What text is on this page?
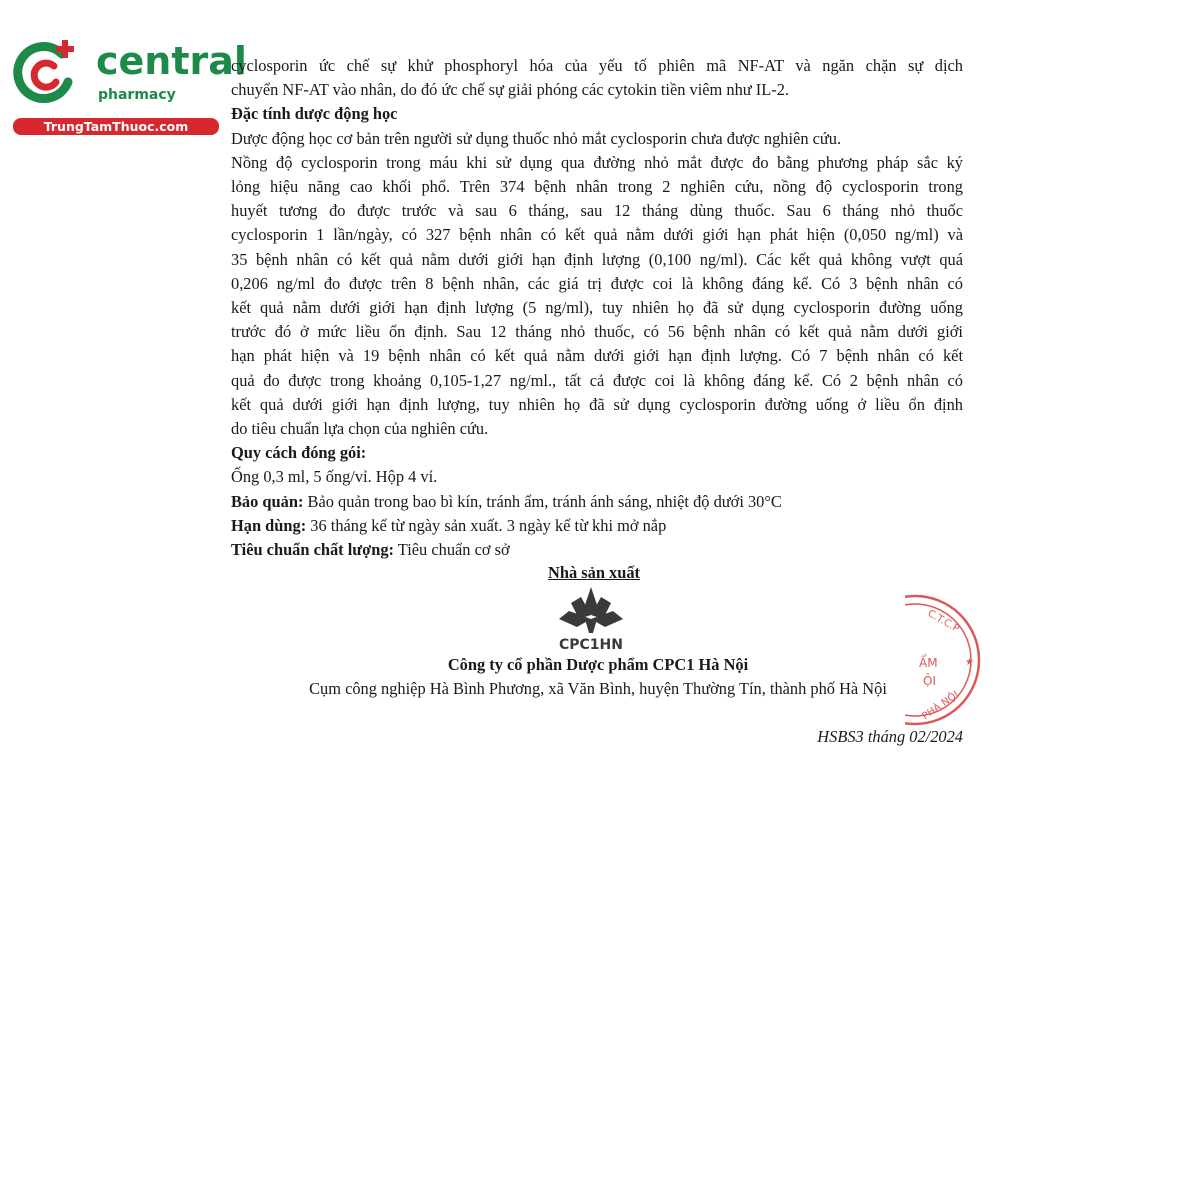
central
pharmacy
TrungTamThuoc.com

cyclosporin ức chế sự khử phosphoryl hóa của yếu tố phiên mã NF-AT và ngăn chặn sự dịch

chuyển NF-AT vào nhân, do đó ức chế sự giải phóng các cytokin tiền viêm như IL-2.

Đặc tính dược động học

Dược động học cơ bản trên người sử dụng thuốc nhỏ mắt cyclosporin chưa được nghiên cứu.

Nồng độ cyclosporin trong máu khi sử dụng qua đường nhỏ mắt được đo bằng phương pháp sắc ký

lỏng hiệu năng cao khối phổ. Trên 374 bệnh nhân trong 2 nghiên cứu, nồng độ cyclosporin trong

huyết tương đo được trước và sau 6 tháng, sau 12 tháng dùng thuốc. Sau 6 tháng nhỏ thuốc

cyclosporin 1 lần/ngày, có 327 bệnh nhân có kết quả nằm dưới giới hạn phát hiện (0,050 ng/ml) và

35 bệnh nhân có kết quả nằm dưới giới hạn định lượng (0,100 ng/ml). Các kết quả không vượt quá

0,206 ng/ml đo được trên 8 bệnh nhân, các giá trị được coi là không đáng kể. Có 3 bệnh nhân có

kết quả nằm dưới giới hạn định lượng (5 ng/ml), tuy nhiên họ đã sử dụng cyclosporin đường uống

trước đó ở mức liều ổn định. Sau 12 tháng nhỏ thuốc, có 56 bệnh nhân có kết quả nằm dưới giới

hạn phát hiện và 19 bệnh nhân có kết quả nằm dưới giới hạn định lượng. Có 7 bệnh nhân có kết

quả đo được trong khoảng 0,105-1,27 ng/ml., tất cả được coi là không đáng kể. Có 2 bệnh nhân có

kết quả dưới giới hạn định lượng, tuy nhiên họ đã sử dụng cyclosporin đường uống ở liều ổn định

do tiêu chuẩn lựa chọn của nghiên cứu.

Quy cách đóng gói:

Ống 0,3 ml, 5 ống/vỉ. Hộp 4 vỉ.

Bảo quản: Bảo quản trong bao bì kín, tránh ẩm, tránh ánh sáng, nhiệt độ dưới 30°C

Hạn dùng: 36 tháng kể từ ngày sản xuất. 3 ngày kể từ khi mở nắp

Tiêu chuẩn chất lượng: Tiêu chuẩn cơ sở

Nhà sản xuất
CPC1HN
Công ty cổ phần Dược phẩm CPC1 Hà Nội
Cụm công nghiệp Hà Bình Phương, xã Văn Bình, huyện Thường Tín, thành phố Hà Nội
HSBS3 tháng 02/2024
C.T.C.P
ẨM
ỘI
PHÀ NỘI
★
